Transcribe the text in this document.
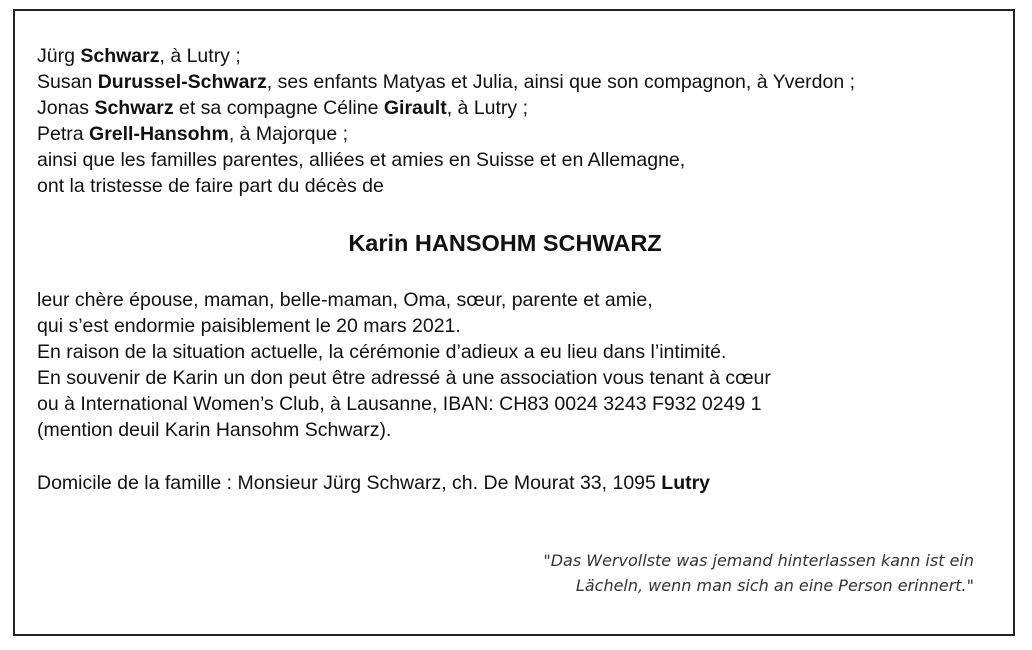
Jürg Schwarz, à Lutry ;
Susan Durussel-Schwarz, ses enfants Matyas et Julia, ainsi que son compagnon, à Yverdon ;
Jonas Schwarz et sa compagne Céline Girault, à Lutry ;
Petra Grell-Hansohm, à Majorque ;
ainsi que les familles parentes, alliées et amies en Suisse et en Allemagne,
ont la tristesse de faire part du décès de
Karin HANSOHM SCHWARZ
leur chère épouse, maman, belle-maman, Oma, sœur, parente et amie,
qui s’est endormie paisiblement le 20 mars 2021.
En raison de la situation actuelle, la cérémonie d’adieux a eu lieu dans l’intimité.
En souvenir de Karin un don peut être adressé à une association vous tenant à cœur
ou à International Women’s Club, à Lausanne, IBAN: CH83 0024 3243 F932 0249 1
(mention deuil Karin Hansohm Schwarz).
Domicile de la famille : Monsieur Jürg Schwarz, ch. De Mourat 33, 1095 Lutry
"Das Wervollste was jemand hinterlassen kann ist ein
Lächeln, wenn man sich an eine Person erinnert."
